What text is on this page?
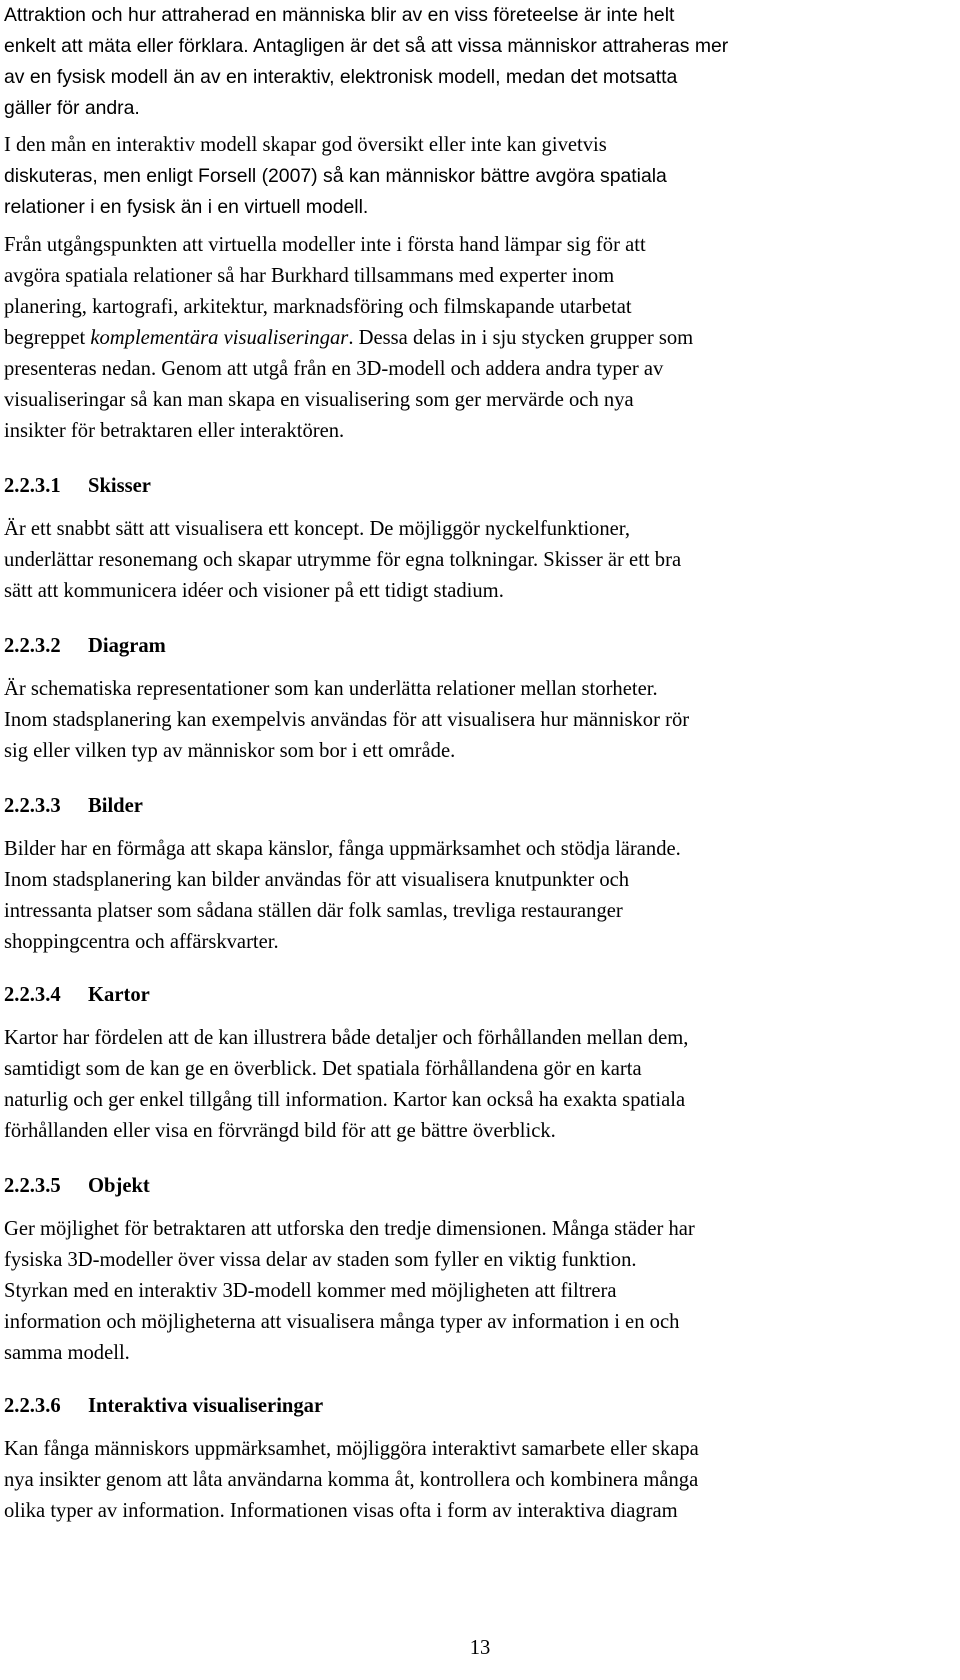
Attraktion och hur attraherad en människa blir av en viss företeelse är inte helt
enkelt att mäta eller förklara. Antagligen är det så att vissa människor attraheras mer
av en fysisk modell än av en interaktiv, elektronisk modell, medan det motsatta
gäller för andra.

I den mån en interaktiv modell skapar god översikt eller inte kan givetvis
diskuteras, men enligt Forsell (2007) så kan människor bättre avgöra spatiala
relationer i en fysisk än i en virtuell modell.

Från utgångspunkten att virtuella modeller inte i första hand lämpar sig för att
avgöra spatiala relationer så har Burkhard tillsammans med experter inom
planering, kartografi, arkitektur, marknadsföring och filmskapande utarbetat
begreppet komplementära visualiseringar. Dessa delas in i sju stycken grupper som
presenteras nedan. Genom att utgå från en 3D-modell och addera andra typer av
visualiseringar så kan man skapa en visualisering som ger mervärde och nya
insikter för betraktaren eller interaktören.

2.2.3.1 Skisser

Är ett snabbt sätt att visualisera ett koncept. De möjliggör nyckelfunktioner,
underlättar resonemang och skapar utrymme för egna tolkningar. Skisser är ett bra
sätt att kommunicera idéer och visioner på ett tidigt stadium.

2.2.3.2 Diagram

Är schematiska representationer som kan underlätta relationer mellan storheter.
Inom stadsplanering kan exempelvis användas för att visualisera hur människor rör
sig eller vilken typ av människor som bor i ett område.

2.2.3.3 Bilder

Bilder har en förmåga att skapa känslor, fånga uppmärksamhet och stödja lärande.
Inom stadsplanering kan bilder användas för att visualisera knutpunkter och
intressanta platser som sådana ställen där folk samlas, trevliga restauranger
shoppingcentra och affärskvarter.

2.2.3.4 Kartor

Kartor har fördelen att de kan illustrera både detaljer och förhållanden mellan dem,
samtidigt som de kan ge en överblick. Det spatiala förhållandena gör en karta
naturlig och ger enkel tillgång till information. Kartor kan också ha exakta spatiala
förhållanden eller visa en förvrängd bild för att ge bättre överblick.

2.2.3.5 Objekt

Ger möjlighet för betraktaren att utforska den tredje dimensionen. Många städer har
fysiska 3D-modeller över vissa delar av staden som fyller en viktig funktion.
Styrkan med en interaktiv 3D-modell kommer med möjligheten att filtrera
information och möjligheterna att visualisera många typer av information i en och
samma modell.

2.2.3.6 Interaktiva visualiseringar

Kan fånga människors uppmärksamhet, möjliggöra interaktivt samarbete eller skapa
nya insikter genom att låta användarna komma åt, kontrollera och kombinera många
olika typer av information. Informationen visas ofta i form av interaktiva diagram

13
